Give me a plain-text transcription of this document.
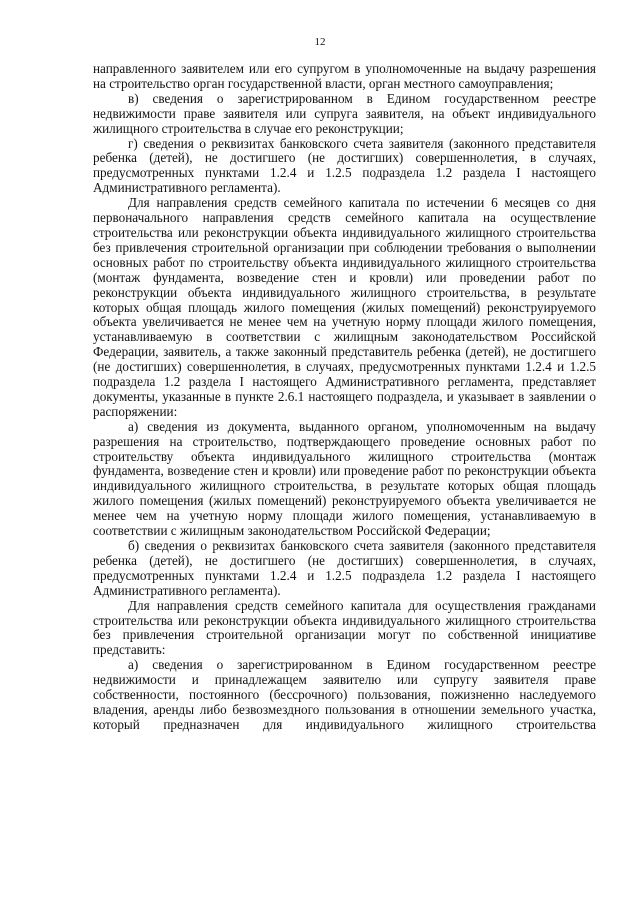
12

направленного заявителем или его супругом в уполномоченные на выдачу разрешения на строительство орган государственной власти, орган местного самоуправления;

в) сведения о зарегистрированном в Едином государственном реестре недвижимости праве заявителя или супруга заявителя, на объект индивидуального жилищного строительства в случае его реконструкции;

г) сведения о реквизитах банковского счета заявителя (законного представителя ребенка (детей), не достигшего (не достигших) совершеннолетия, в случаях, предусмотренных пунктами 1.2.4 и 1.2.5 подраздела 1.2 раздела I настоящего Административного регламента).

Для направления средств семейного капитала по истечении 6 месяцев со дня первоначального направления средств семейного капитала на осуществление строительства или реконструкции объекта индивидуального жилищного строительства без привлечения строительной организации при соблюдении требования о выполнении основных работ по строительству объекта индивидуального жилищного строительства (монтаж фундамента, возведение стен и кровли) или проведении работ по реконструкции объекта индивидуального жилищного строительства, в результате которых общая площадь жилого помещения (жилых помещений) реконструируемого объекта увеличивается не менее чем на учетную норму площади жилого помещения, устанавливаемую в соответствии с жилищным законодательством Российской Федерации, заявитель, а также законный представитель ребенка (детей), не достигшего (не достигших) совершеннолетия, в случаях, предусмотренных пунктами 1.2.4 и 1.2.5 подраздела 1.2 раздела I настоящего Административного регламента, представляет документы, указанные в пункте 2.6.1 настоящего подраздела, и указывает в заявлении о распоряжении:

а) сведения из документа, выданного органом, уполномоченным на выдачу разрешения на строительство, подтверждающего проведение основных работ по строительству объекта индивидуального жилищного строительства (монтаж фундамента, возведение стен и кровли) или проведение работ по реконструкции объекта индивидуального жилищного строительства, в результате которых общая площадь жилого помещения (жилых помещений) реконструируемого объекта увеличивается не менее чем на учетную норму площади жилого помещения, устанавливаемую в соответствии с жилищным законодательством Российской Федерации;

б) сведения о реквизитах банковского счета заявителя (законного представителя ребенка (детей), не достигшего (не достигших) совершеннолетия, в случаях, предусмотренных пунктами 1.2.4 и 1.2.5 подраздела 1.2 раздела I настоящего Административного регламента).

Для направления средств семейного капитала для осуществления гражданами строительства или реконструкции объекта индивидуального жилищного строительства без привлечения строительной организации могут по собственной инициативе представить:

а) сведения о зарегистрированном в Едином государственном реестре недвижимости и принадлежащем заявителю или супругу заявителя праве собственности, постоянного (бессрочного) пользования, пожизненно наследуемого владения, аренды либо безвозмездного пользования в отношении земельного участка, который предназначен для индивидуального жилищного строительства
